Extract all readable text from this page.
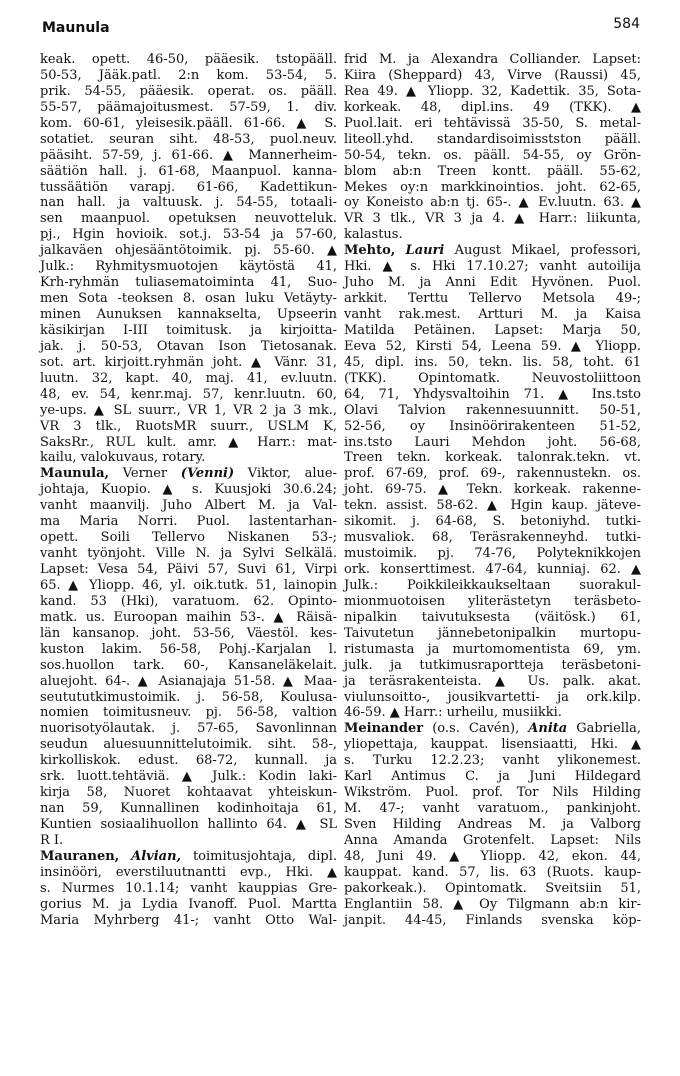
Maunula	584
keak. opett. 46-50, pääesik. tstopääll.
50-53, Jääk.patl. 2:n kom. 53-54, 5.
prik. 54-55, pääesik. operat. os. pääll.
55-57, päämajoitusmest. 57-59, 1. div.
kom. 60-61, yleisesik.pääll. 61-66. ▲ S.
sotatiet. seuran siht. 48-53, puol.neuv.
pääsiht. 57-59, j. 61-66. ▲ Mannerheim-
säätiön hall. j. 61-68, Maanpuol. kanna-
tussäätiön varapj. 61-66, Kadettikun-
nan hall. ja valtuusk. j. 54-55, totaali-
sen maanpuol. opetuksen neuvotteluk.
pj., Hgin hovioik. sot.j. 53-54 ja 57-60,
jalkaväen ohjesääntötoimik. pj. 55-60. ▲
Julk.: Ryhmitysmuotojen käytöstä 41,
Krh-ryhmän tuliasematoiminta 41, Suo-
men Sota -teoksen 8. osan luku Vetäyty-
minen Aunuksen kannakselta, Upseerin
käsikirjan I-III toimitusk. ja kirjoitta-
jak. j. 50-53, Otavan Ison Tietosanak.
sot. art. kirjoitt.ryhmän joht. ▲ Vänr. 31,
luutn. 32, kapt. 40, maj. 41, ev.luutn.
48, ev. 54, kenr.maj. 57, kenr.luutn. 60,
ye-ups. ▲ SL suurr., VR 1, VR 2 ja 3 mk.,
VR 3 tlk., RuotsMR suurr., USLM K,
SaksRr., RUL kult. amr. ▲ Harr.: mat-
kailu, valokuvaus, rotary.
Maunula, Verner (Venni) Viktor, alue-
johtaja, Kuopio. ▲ s. Kuusjoki 30.6.24;
vanht maanvilj. Juho Albert M. ja Val-
ma Maria Norri. Puol. lastentarhan-
opett. Soili Tellervo Niskanen 53-;
vanht työnjoht. Ville N. ja Sylvi Selkälä.
Lapset: Vesa 54, Päivi 57, Suvi 61, Virpi
65. ▲ Yliopp. 46, yl. oik.tutk. 51, lainopin
kand. 53 (Hki), varatuom. 62. Opinto-
matk. us. Euroopan maihin 53-. ▲ Räisä-
län kansanop. joht. 53-56, Väestöl. kes-
kuston lakim. 56-58, Pohj.-Karjalan l.
sos.huollon tark. 60-, Kansaneläkelait.
aluejoht. 64-. ▲ Asianajaja 51-58. ▲ Maa-
seutututkimustoimik. j. 56-58, Koulusa-
nomien toimitusneuv. pj. 56-58, valtion
nuorisotyölautak. j. 57-65, Savonlinnan
seudun aluesuunnittelutoimik. siht. 58-,
kirkolliskok. edust. 68-72, kunnall. ja
srk. luott.tehtäviä. ▲ Julk.: Kodin laki-
kirja 58, Nuoret kohtaavat yhteiskun-
nan 59, Kunnallinen kodinhoitaja 61,
Kuntien sosiaalihuollon hallinto 64. ▲ SL
R I.
Mauranen, Alvian, toimitusjohtaja, dipl.
insinööri, everstiluutnantti evp., Hki. ▲
s. Nurmes 10.1.14; vanht kauppias Gre-
gorius M. ja Lydia Ivanoff. Puol. Martta
Maria Myhrberg 41-; vanht Otto Wal-
frid M. ja Alexandra Colliander. Lapset:
Kiira (Sheppard) 43, Virve (Raussi) 45,
Rea 49. ▲ Yliopp. 32, Kadettik. 35, Sota-
korkeak. 48, dipl.ins. 49 (TKK). ▲
Puol.lait. eri tehtävissä 35-50, S. metal-
liteoll.yhd. standardisoimisstston pääll.
50-54, tekn. os. pääll. 54-55, oy Grön-
blom ab:n Treen kontt. pääll. 55-62,
Mekes oy:n markkinointios. joht. 62-65,
oy Koneisto ab:n tj. 65-. ▲ Ev.luutn. 63. ▲
VR 3 tlk., VR 3 ja 4. ▲ Harr.: liikunta,
kalastus.
Mehto, Lauri August Mikael, professori,
Hki. ▲ s. Hki 17.10.27; vanht autoilija
Juho M. ja Anni Edit Hyvönen. Puol.
arkkit. Terttu Tellervo Metsola 49-;
vanht rak.mest. Artturi M. ja Kaisa
Matilda Petäinen. Lapset: Marja 50,
Eeva 52, Kirsti 54, Leena 59. ▲ Yliopp.
45, dipl. ins. 50, tekn. lis. 58, toht. 61
(TKK). Opintomatk. Neuvostoliittoon
64, 71, Yhdysvaltoihin 71. ▲ Ins.tsto
Olavi Talvion rakennesuunnitt. 50-51,
52-56, oy Insinöörirakenteen 51-52,
ins.tsto Lauri Mehdon joht. 56-68,
Treen tekn. korkeak. talonrak.tekn. vt.
prof. 67-69, prof. 69-, rakennustekn. os.
joht. 69-75. ▲ Tekn. korkeak. rakenne-
tekn. assist. 58-62. ▲ Hgin kaup. jäteve-
sikomit. j. 64-68, S. betoniyhd. tutki-
musvaliok. 68, Teräsrakenneyhd. tutki-
mustoimik. pj. 74-76, Polyteknikkojen
ork. konserttimest. 47-64, kunniaj. 62. ▲
Julk.: Poikkileikkaukseltaan suorakul-
mionmuotoisen yliterästetyn teräsbeto-
nipalkin taivutuksesta (väitösk.) 61,
Taivutetun jännebetonipalkin murtopu-
ristumasta ja murtomomentista 69, ym.
julk. ja tutkimusraportteja teräsbetoni-
ja teräsrakenteista. ▲ Us. palk. akat.
viulunsoitto-, jousikvartetti- ja ork.kilp.
46-59. ▲ Harr.: urheilu, musiikki.
Meinander (o.s. Cavén), Anita Gabriella,
yliopettaja, kauppat. lisensiaatti, Hki. ▲
s. Turku 12.2.23; vanht ylikonemest.
Karl Antimus C. ja Juni Hildegard
Wikström. Puol. prof. Tor Nils Hilding
M. 47-; vanht varatuom., pankinjoht.
Sven Hilding Andreas M. ja Valborg
Anna Amanda Grotenfelt. Lapset: Nils
48, Juni 49. ▲ Yliopp. 42, ekon. 44,
kauppat. kand. 57, lis. 63 (Ruots. kaup-
pakorkeak.). Opintomatk. Sveitsiin 51,
Englantiin 58. ▲ Oy Tilgmann ab:n kir-
janpit. 44-45, Finlands svenska köp-
